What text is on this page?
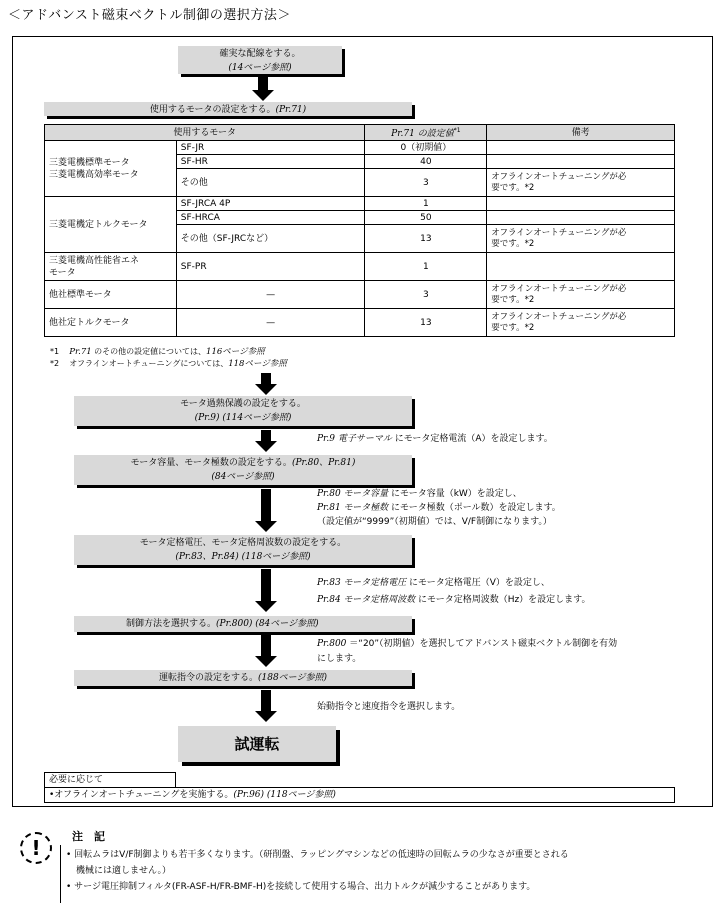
＜アドバンスト磁束ベクトル制御の選択方法＞
確実な配線をする。
(14ページ参照)
使用するモータの設定をする。(Pr.71)
使用するモータ		Pr.71 の設定値$^{*1}$	備考

三菱電機標準モータ
三菱電機高効率モータ	SF-JR	0（初期値）	
	SF-HR	40	
	その他	3	オフラインオートチューニングが必
要です。*2

三菱電機定トルクモータ	SF-JRCA 4P	1	
	SF-HRCA	50	
	その他（SF-JRCなど）	13	オフラインオートチューニングが必
要です。*2

三菱電機高性能省エネ
モータ	SF-PR	1	
他社標準モータ	—	3	オフラインオートチューニングが必
要です。*2

他社定トルクモータ	—	13	オフラインオートチューニングが必
要です。*2
*1 Pr.71 のその他の設定値については、116ページ参照
*2 オフラインオートチューニングについては、118ページ参照
モータ過熱保護の設定をする。
(Pr.9) (114ページ参照)
Pr.9 電子サーマル にモータ定格電流（A）を設定します。
モータ容量、モータ極数の設定をする。(Pr.80、Pr.81)
(84ページ参照)
Pr.80 モータ容量 にモータ容量（kW）を設定し、
Pr.81 モータ極数 にモータ極数（ポール数）を設定します。
（設定値が“9999”（初期値）では、V/F制御になります。）
モータ定格電圧、モータ定格周波数の設定をする。
(Pr.83、Pr.84) (118ページ参照)
Pr.83 モータ定格電圧 にモータ定格電圧（V）を設定し、
Pr.84 モータ定格周波数 にモータ定格周波数（Hz）を設定します。
制御方法を選択する。(Pr.800) (84ページ参照)
Pr.800 ＝“20”（初期値）を選択してアドバンスト磁束ベクトル制御を有効
にします。
運転指令の設定をする。(188ページ参照)
始動指令と速度指令を選択します。
試運転
必要に応じて
•オフラインオートチューニングを実施する。(Pr.96) (118ページ参照)
!	注　記
• 回転ムラはV/F制御よりも若干多くなります。（研削盤、ラッピングマシンなどの低速時の回転ムラの少なさが重要とされる
機械には適しません。）
• サージ電圧抑制フィルタ(FR-ASF-H/FR-BMF-H)を接続して使用する場合、出力トルクが減少することがあります。
